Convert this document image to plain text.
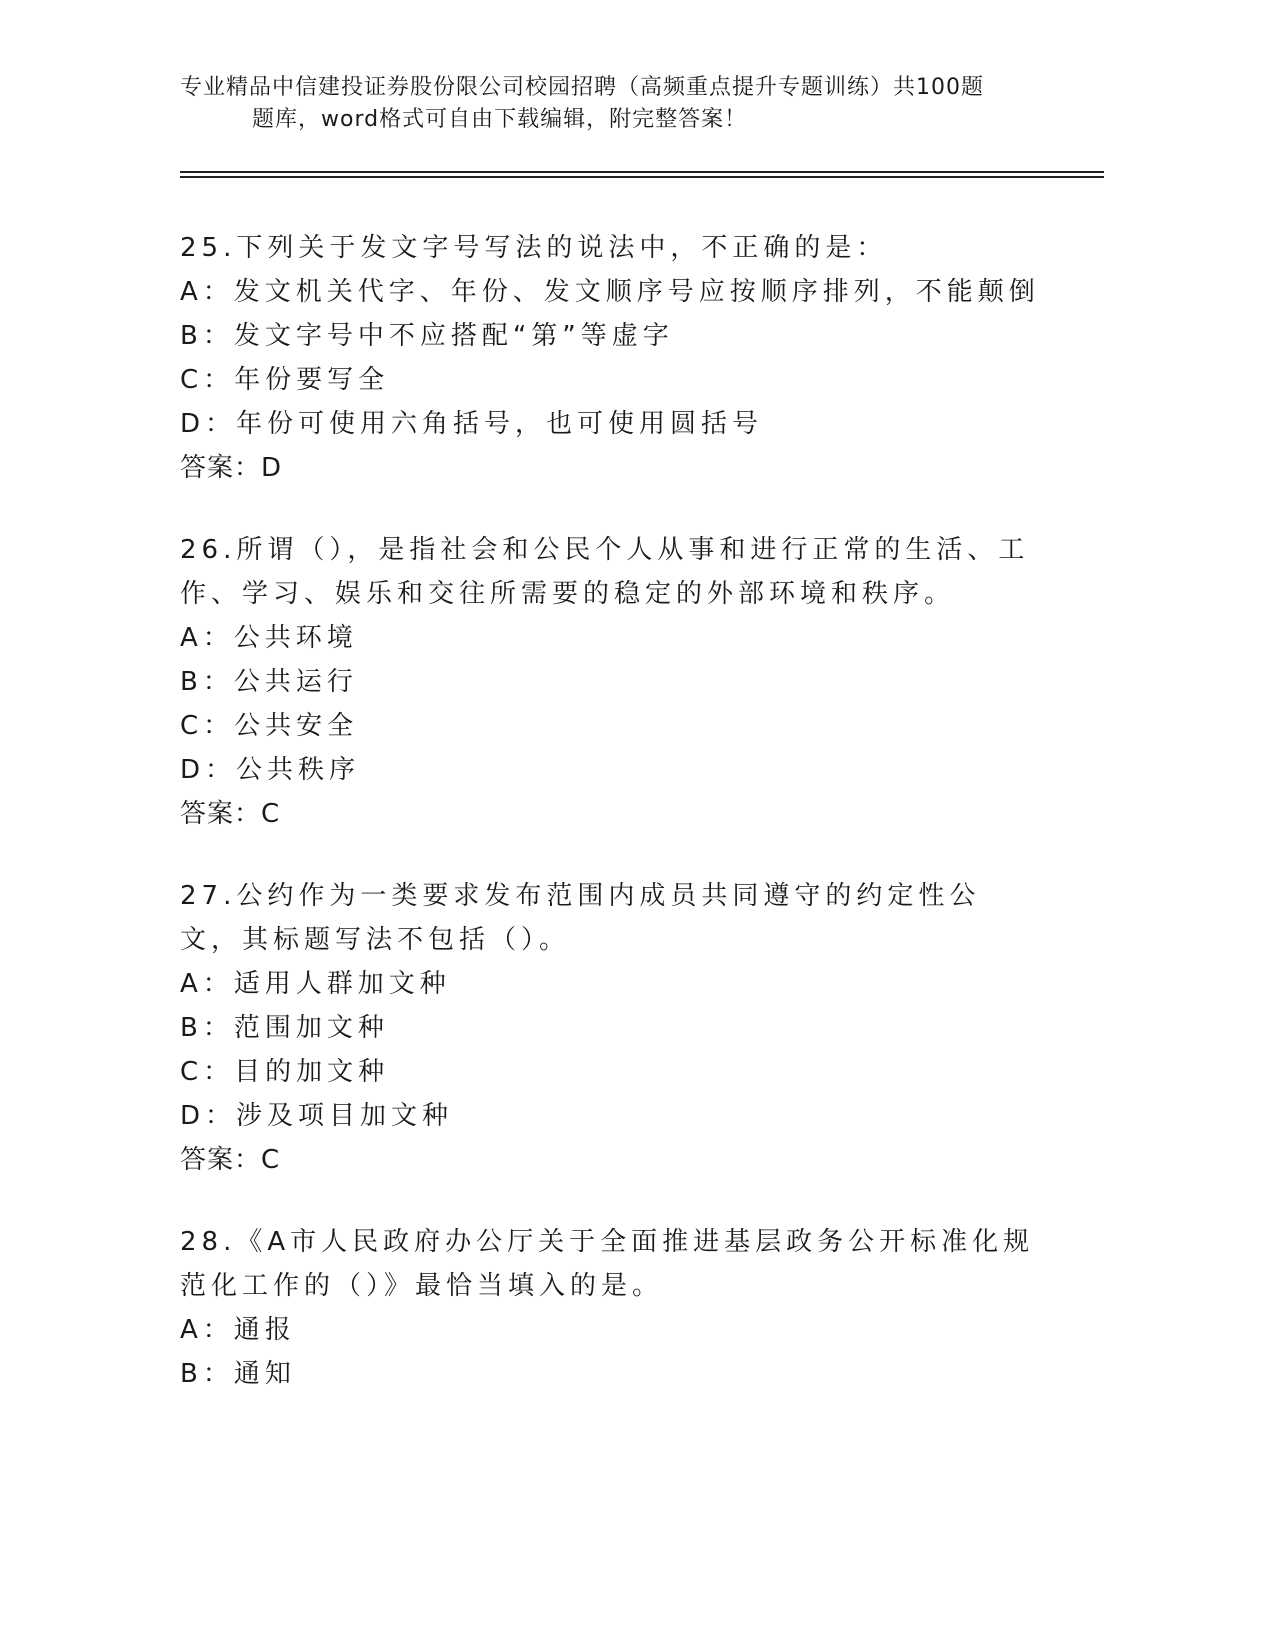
专业精品中信建投证券股份限公司校园招聘（高频重点提升专题训练）共100题
题库，word格式可自由下载编辑，附完整答案！

25.下列关于发文字号写法的说法中，不正确的是：

A：发文机关代字、年份、发文顺序号应按顺序排列，不能颠倒

B：发文字号中不应搭配“第”等虚字

C：年份要写全

D：年份可使用六角括号，也可使用圆括号

答案：D

26.所谓（），是指社会和公民个人从事和进行正常的生活、工作、学习、娱乐和交往所需要的稳定的外部环境和秩序。

A：公共环境

B：公共运行

C：公共安全

D：公共秩序

答案：C

27.公约作为一类要求发布范围内成员共同遵守的约定性公文，其标题写法不包括（）。

A：适用人群加文种

B：范围加文种

C：目的加文种

D：涉及项目加文种

答案：C

28.《A市人民政府办公厅关于全面推进基层政务公开标准化规范化工作的（）》最恰当填入的是。

A：通报

B：通知
